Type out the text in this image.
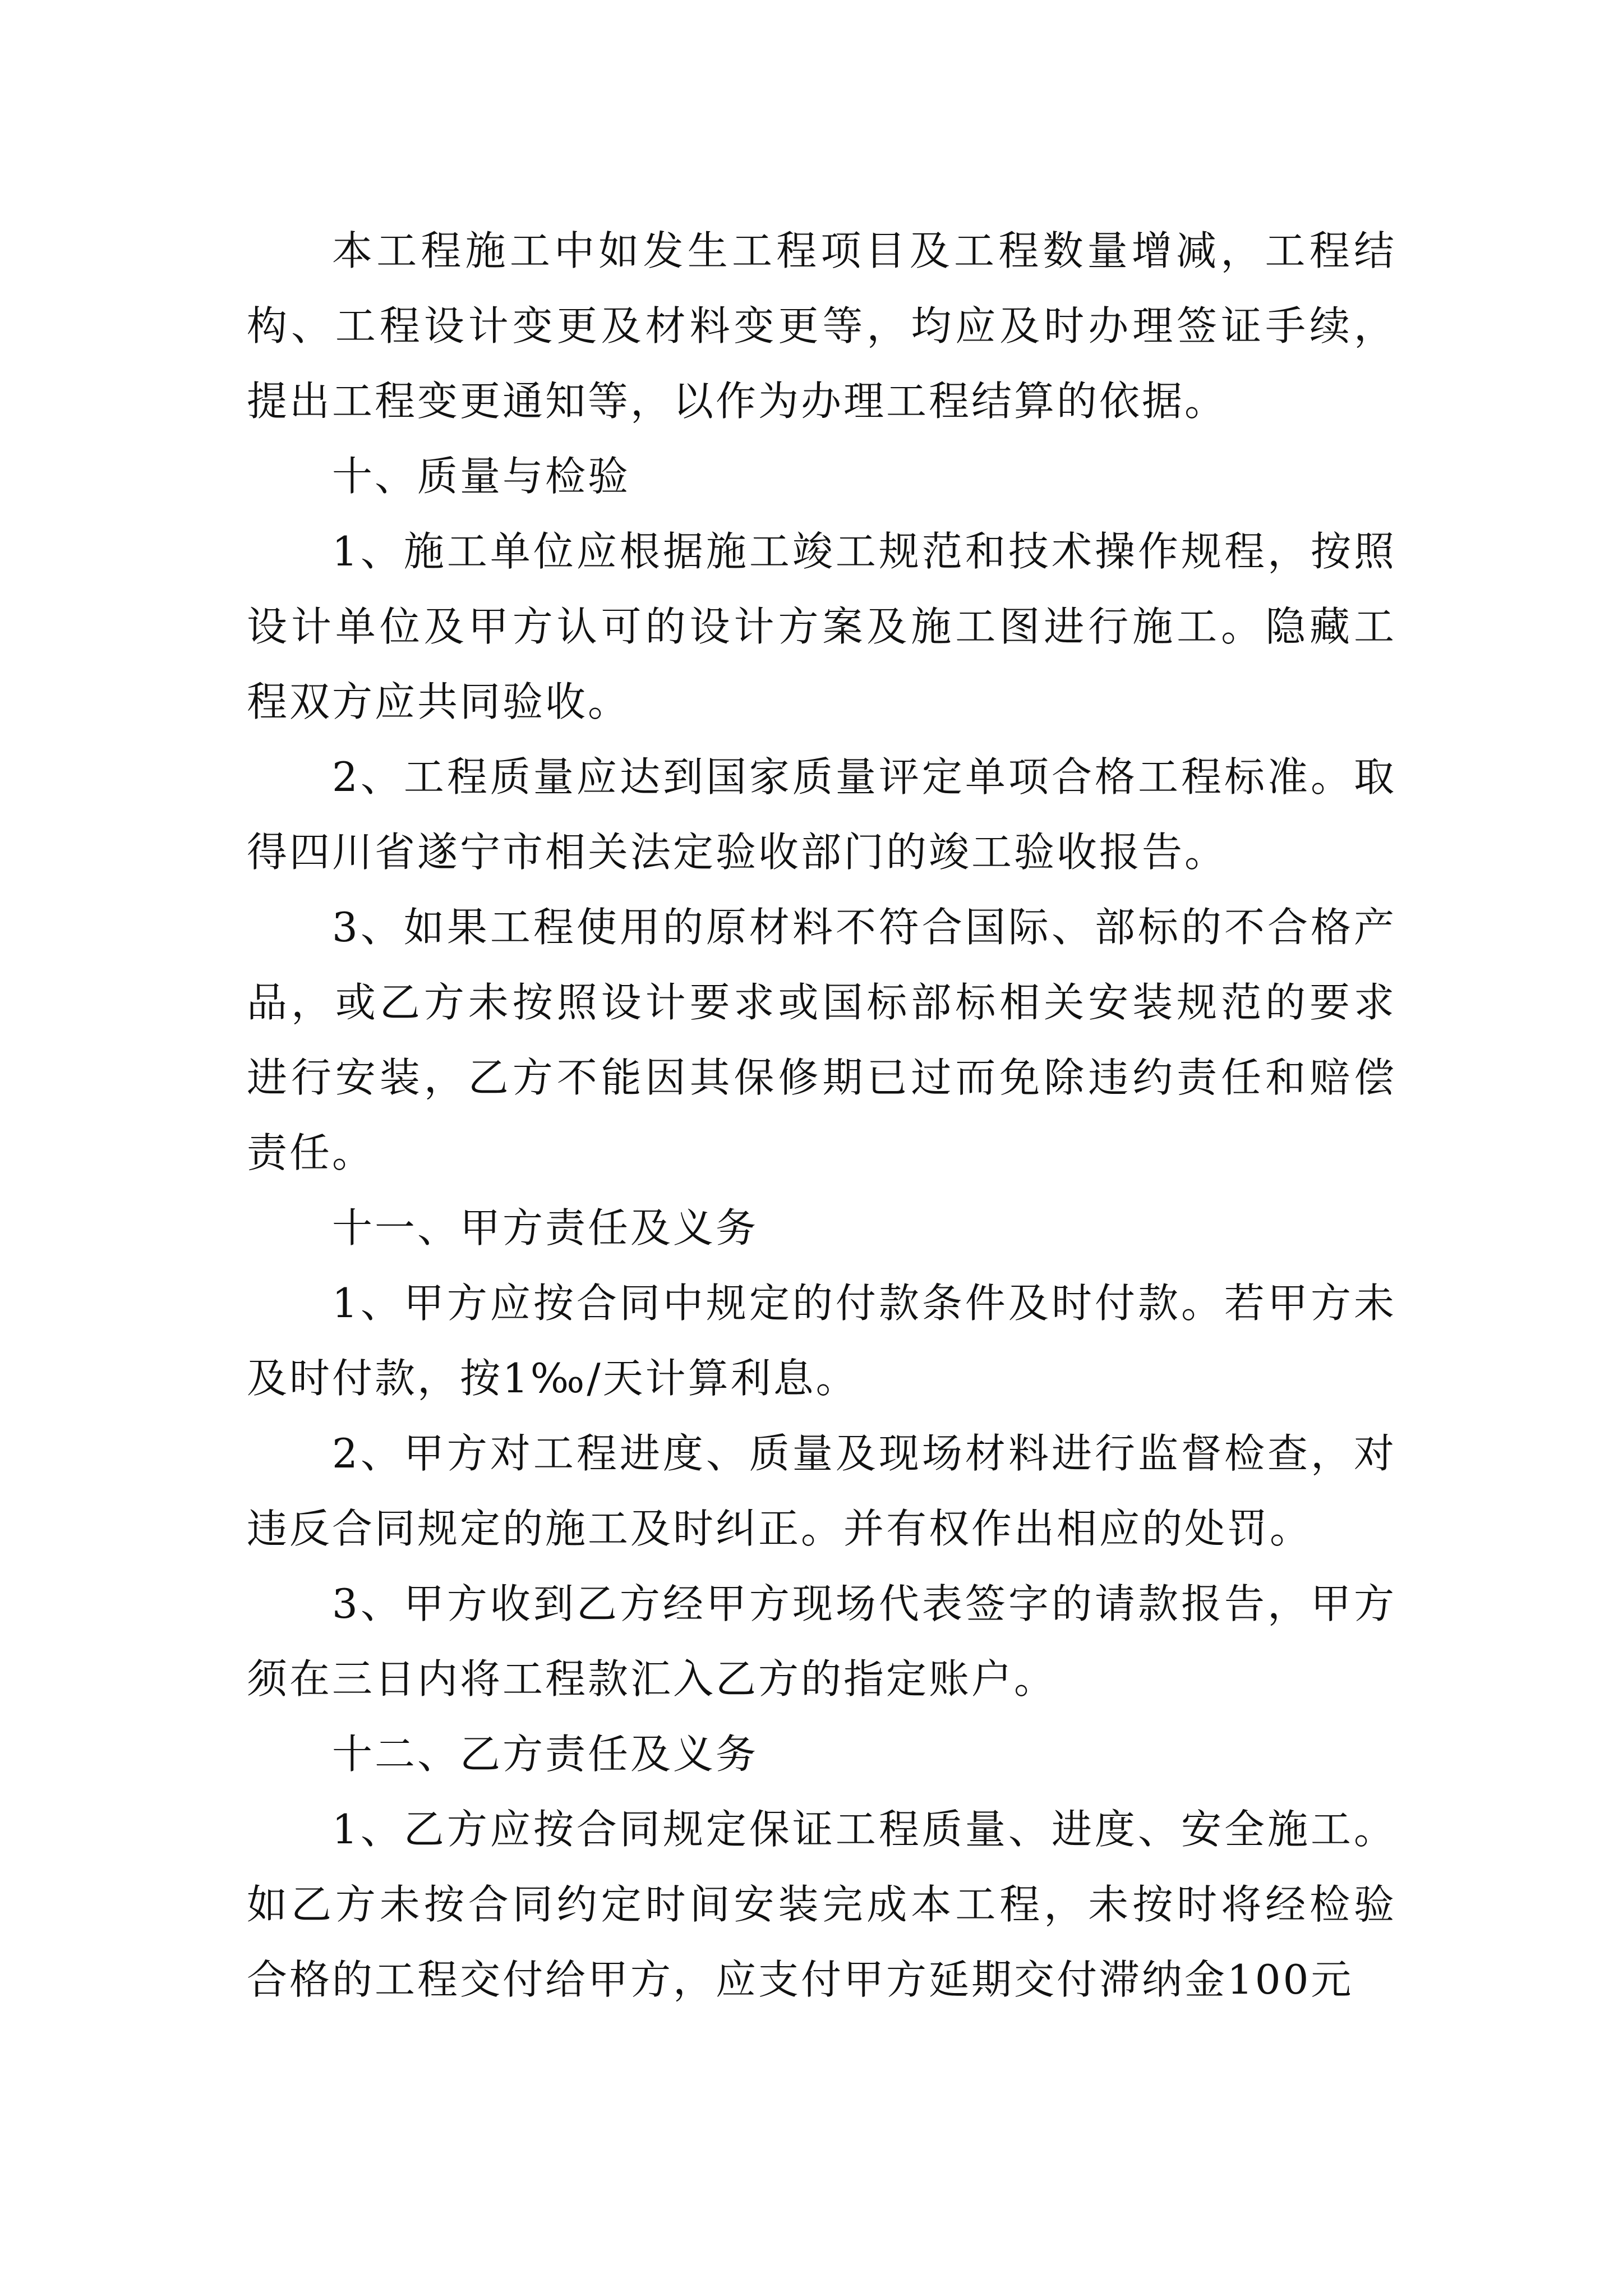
本工程施工中如发生工程项目及工程数量增减，工程结构、工程设计变更及材料变更等，均应及时办理签证手续，提出工程变更通知等，以作为办理工程结算的依据。

十、质量与检验

1、施工单位应根据施工竣工规范和技术操作规程，按照设计单位及甲方认可的设计方案及施工图进行施工。隐藏工程双方应共同验收。

2、工程质量应达到国家质量评定单项合格工程标准。取得四川省遂宁市相关法定验收部门的竣工验收报告。

3、如果工程使用的原材料不符合国际、部标的不合格产品，或乙方未按照设计要求或国标部标相关安装规范的要求进行安装，乙方不能因其保修期已过而免除违约责任和赔偿责任。

十一、甲方责任及义务

1、甲方应按合同中规定的付款条件及时付款。若甲方未及时付款，按1‰/天计算利息。

2、甲方对工程进度、质量及现场材料进行监督检查，对违反合同规定的施工及时纠正。并有权作出相应的处罚。

3、甲方收到乙方经甲方现场代表签字的请款报告，甲方须在三日内将工程款汇入乙方的指定账户。

十二、乙方责任及义务

1、乙方应按合同规定保证工程质量、进度、安全施工。如乙方未按合同约定时间安装完成本工程，未按时将经检验合格的工程交付给甲方，应支付甲方延期交付滞纳金100元
